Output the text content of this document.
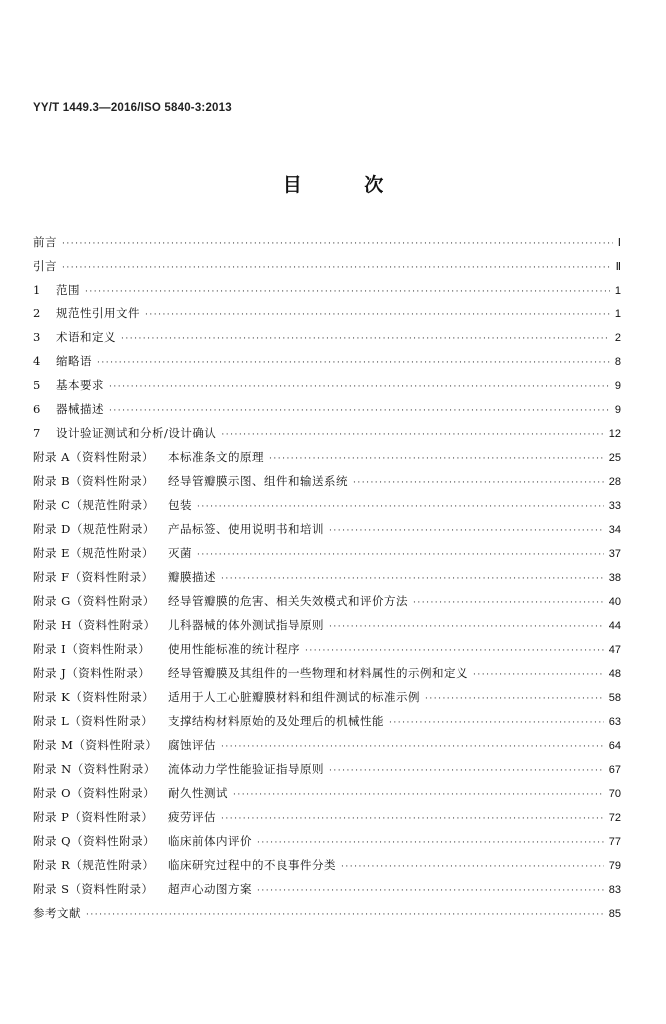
YY/T 1449.3—2016/ISO 5840-3:2013
目 次
前言 ·····	Ⅰ
引言 ·····	Ⅱ
1 范围 ·····	1
2 规范性引用文件 ·····	1
3 术语和定义 ·····	2
4 缩略语 ·····	8
5 基本要求 ·····	9
6 器械描述 ·····	9
7 设计验证测试和分析/设计确认 ·····	12
附录 A（资料性附录） 本标准条文的原理 ·····	25
附录 B（资料性附录） 经导管瓣膜示图、组件和输送系统 ·····	28
附录 C（规范性附录） 包装 ·····	33
附录 D（规范性附录） 产品标签、使用说明书和培训 ·····	34
附录 E（规范性附录） 灭菌 ·····	37
附录 F（资料性附录） 瓣膜描述 ·····	38
附录 G（资料性附录） 经导管瓣膜的危害、相关失效模式和评价方法 ·····	40
附录 H（资料性附录） 儿科器械的体外测试指导原则 ·····	44
附录 I（资料性附录） 使用性能标准的统计程序 ·····	47
附录 J（资料性附录） 经导管瓣膜及其组件的一些物理和材料属性的示例和定义 ·····	48
附录 K（资料性附录） 适用于人工心脏瓣膜材料和组件测试的标准示例 ·····	58
附录 L（资料性附录） 支撑结构材料原始的及处理后的机械性能 ·····	63
附录 M（资料性附录） 腐蚀评估 ·····	64
附录 N（资料性附录） 流体动力学性能验证指导原则 ·····	67
附录 O（资料性附录） 耐久性测试 ·····	70
附录 P（资料性附录） 疲劳评估 ·····	72
附录 Q（资料性附录） 临床前体内评价 ·····	77
附录 R（规范性附录） 临床研究过程中的不良事件分类 ·····	79
附录 S（资料性附录） 超声心动图方案 ·····	83
参考文献 ·····	85
